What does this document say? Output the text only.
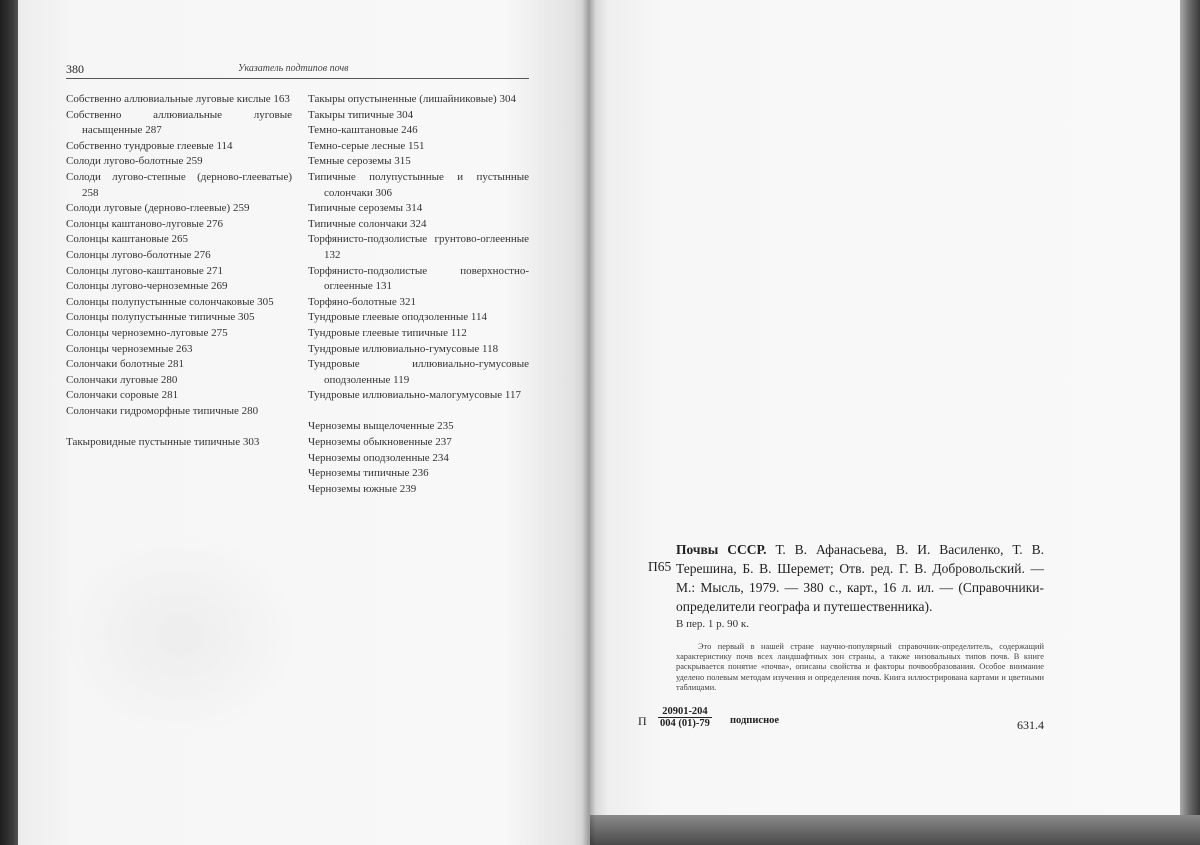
380	Указатель подтипов почв

Собственно аллювиальные луговые кислые 163

Собственно аллювиальные луговые насыщенные 287

Собственно тундровые глеевые 114

Солоди лугово-болотные 259

Солоди лугово-степные (дерново-глееватые) 258

Солоди луговые (дерново-глеевые) 259

Солонцы каштаново-луговые 276

Солонцы каштановые 265

Солонцы лугово-болотные 276

Солонцы лугово-каштановые 271

Солонцы лугово-черноземные 269

Солонцы полупустынные солончаковые 305

Солонцы полупустынные типичные 305

Солонцы черноземно-луговые 275

Солонцы черноземные 263

Солончаки болотные 281

Солончаки луговые 280

Солончаки соровые 281

Солончаки гидроморфные типичные 280

Такыровидные пустынные типичные 303

Такыры опустыненные (лишайниковые) 304

Такыры типичные 304

Темно-каштановые 246

Темно-серые лесные 151

Темные сероземы 315

Типичные полупустынные и пустынные солончаки 306

Типичные сероземы 314

Типичные солончаки 324

Торфянисто-подзолистые грунтово-оглеенные 132

Торфянисто-подзолистые поверхностно-оглеенные 131

Торфяно-болотные 321

Тундровые глеевые оподзоленные 114

Тундровые глеевые типичные 112

Тундровые иллювиально-гумусовые 118

Тундровые иллювиально-гумусовые оподзоленные 119

Тундровые иллювиально-малогумусовые 117

Черноземы выщелоченные 235

Черноземы обыкновенные 237

Черноземы оподзоленные 234

Черноземы типичные 236

Черноземы южные 239

П65

Почвы СССР. Т. В. Афанасьева, В. И. Василенко, Т. В. Терешина, Б. В. Шеремет; Отв. ред. Г. В. Добровольский. — М.: Мысль, 1979. — 380 с., карт., 16 л. ил. — (Справочники-определители географа и путешественника).

В пер. 1 р. 90 к.

Это первый в нашей стране научно-популярный справочник-определитель, содержащий характеристику почв всех ландшафтных зон страны, а также низовальных типов почв. В книге раскрывается понятие «почва», описаны свойства и факторы почвообразования. Особое внимание уделено полевым методам изучения и определения почв. Книга иллюстрирована картами и цветными таблицами.

П $\frac{20901-204}{004 (01)-79}$ подписное	631.4
